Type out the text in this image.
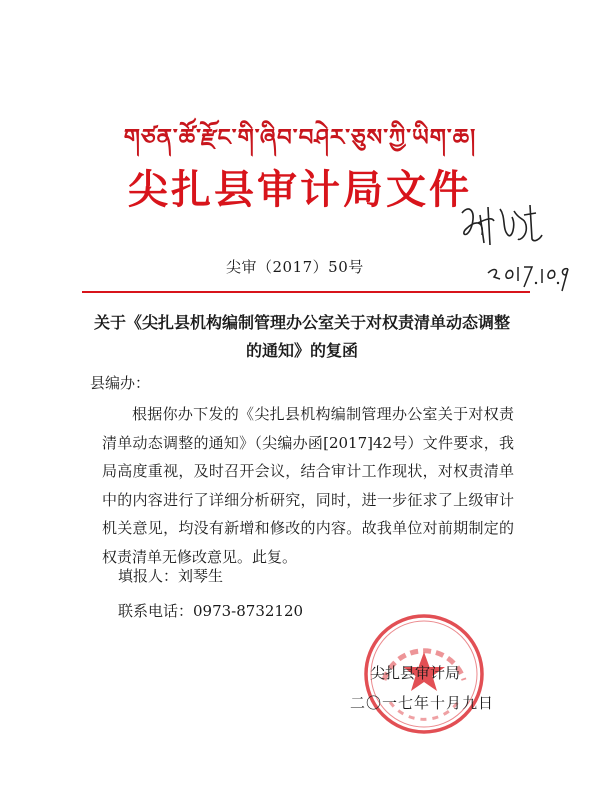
གཙན་ཚོ་རྫོང་གི་ཞིབ་བཤེར་ཅུས་ཀྱི་ཡིག་ཆ།
尖扎县审计局文件
尖审（2017）50号
关于《尖扎县机构编制管理办公室关于对权责清单动态调整的通知》的复函
县编办：
根据你办下发的《尖扎县机构编制管理办公室关于对权责清单动态调整的通知》（尖编办函[2017]42号）文件要求，我局高度重视，及时召开会议，结合审计工作现状，对权责清单中的内容进行了详细分析研究，同时，进一步征求了上级审计机关意见，均没有新增和修改的内容。故我单位对前期制定的权责清单无修改意见。此复。
填报人：刘琴生
联系电话：0973-8732120
尖扎县审计局
二〇一七年十月九日
